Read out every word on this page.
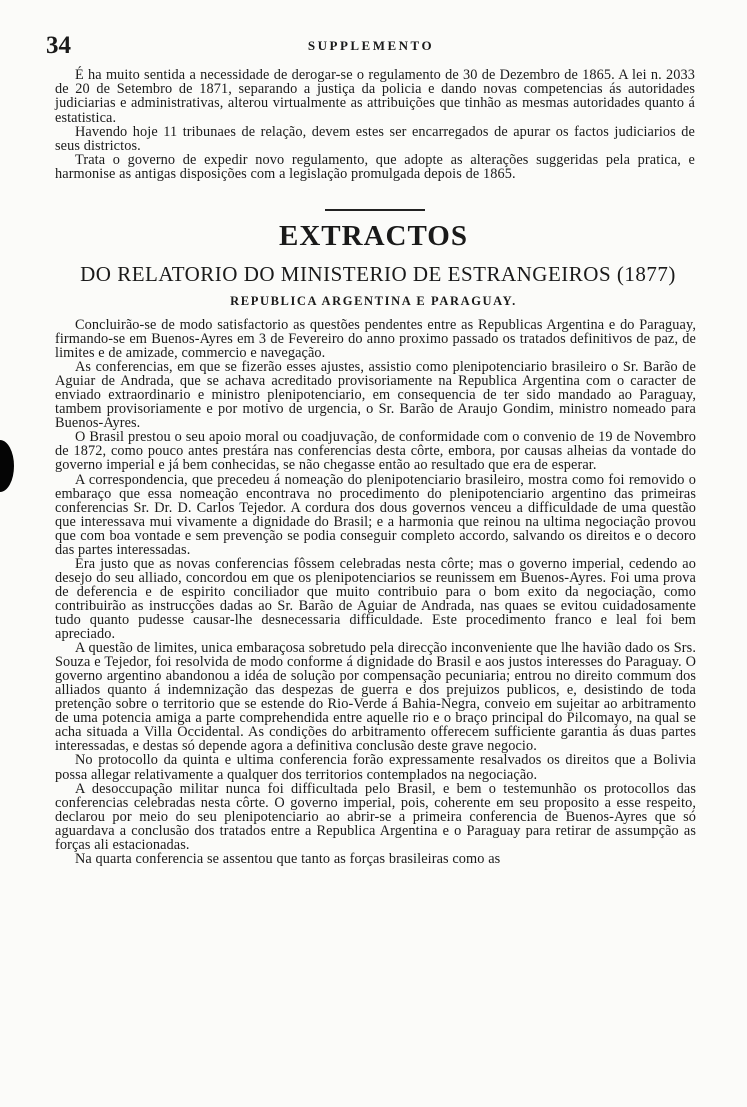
34	SUPPLEMENTO

É ha muito sentida a necessidade de derogar-se o regulamento de 30 de Dezembro de 1865. A lei n. 2033 de 20 de Setembro de 1871, separando a justiça da policia e dando novas competencias ás autoridades judiciarias e administrativas, alterou virtualmente as attribuições que tinhão as mesmas autoridades quanto á estatistica.

Havendo hoje 11 tribunaes de relação, devem estes ser encarregados de apurar os factos judiciarios de seus districtos.

Trata o governo de expedir novo regulamento, que adopte as alterações suggeridas pela pratica, e harmonise as antigas disposições com a legislação promulgada depois de 1865.

EXTRACTOS
DO RELATORIO DO MINISTERIO DE ESTRANGEIROS (1877)
REPUBLICA ARGENTINA E PARAGUAY.

Concluirão-se de modo satisfactorio as questões pendentes entre as Republicas Argentina e do Paraguay, firmando-se em Buenos-Ayres em 3 de Fevereiro do anno proximo passado os tratados definitivos de paz, de limites e de amizade, commercio e navegação.

As conferencias, em que se fizerão esses ajustes, assistio como plenipotenciario brasileiro o Sr. Barão de Aguiar de Andrada, que se achava acreditado provisoriamente na Republica Argentina com o caracter de enviado extraordinario e ministro plenipotenciario, em consequencia de ter sido mandado ao Paraguay, tambem provisoriamente e por motivo de urgencia, o Sr. Barão de Araujo Gondim, ministro nomeado para Buenos-Ayres.

O Brasil prestou o seu apoio moral ou coadjuvação, de conformidade com o convenio de 19 de Novembro de 1872, como pouco antes prestára nas conferencias desta côrte, embora, por causas alheias da vontade do governo imperial e já bem conhecidas, se não chegasse então ao resultado que era de esperar.

A correspondencia, que precedeu á nomeação do plenipotenciario brasileiro, mostra como foi removido o embaraço que essa nomeação encontrava no procedimento do plenipotenciario argentino das primeiras conferencias Sr. Dr. D. Carlos Tejedor. A cordura dos dous governos venceu a difficuldade de uma questão que interessava mui vivamente a dignidade do Brasil; e a harmonia que reinou na ultima negociação provou que com boa vontade e sem prevenção se podia conseguir completo accordo, salvando os direitos e o decoro das partes interessadas.

Era justo que as novas conferencias fôssem celebradas nesta côrte; mas o governo imperial, cedendo ao desejo do seu alliado, concordou em que os plenipotenciarios se reunissem em Buenos-Ayres. Foi uma prova de deferencia e de espirito conciliador que muito contribuio para o bom exito da negociação, como contribuirão as instrucções dadas ao Sr. Barão de Aguiar de Andrada, nas quaes se evitou cuidadosamente tudo quanto pudesse causar-lhe desnecessaria difficuldade. Este procedimento franco e leal foi bem apreciado.

A questão de limites, unica embaraçosa sobretudo pela direcção inconveniente que lhe havião dado os Srs. Souza e Tejedor, foi resolvida de modo conforme á dignidade do Brasil e aos justos interesses do Paraguay. O governo argentino abandonou a idéa de solução por compensação pecuniaria; entrou no direito commum dos alliados quanto á indemnização das despezas de guerra e dos prejuizos publicos, e, desistindo de toda pretenção sobre o territorio que se estende do Rio-Verde á Bahia-Negra, conveio em sujeitar ao arbitramento de uma potencia amiga a parte comprehendida entre aquelle rio e o braço principal do Pilcomayo, na qual se acha situada a Villa Occidental. As condições do arbitramento offerecem sufficiente garantia ás duas partes interessadas, e destas só depende agora a definitiva conclusão deste grave negocio.

No protocollo da quinta e ultima conferencia forão expressamente resalvados os direitos que a Bolivia possa allegar relativamente a qualquer dos territorios contemplados na negociação.

A desoccupação militar nunca foi difficultada pelo Brasil, e bem o testemunhão os protocollos das conferencias celebradas nesta côrte. O governo imperial, pois, coherente em seu proposito a esse respeito, declarou por meio do seu plenipotenciario ao abrir-se a primeira conferencia de Buenos-Ayres que só aguardava a conclusão dos tratados entre a Republica Argentina e o Paraguay para retirar de assumpção as forças ali estacionadas.

Na quarta conferencia se assentou que tanto as forças brasileiras como as
